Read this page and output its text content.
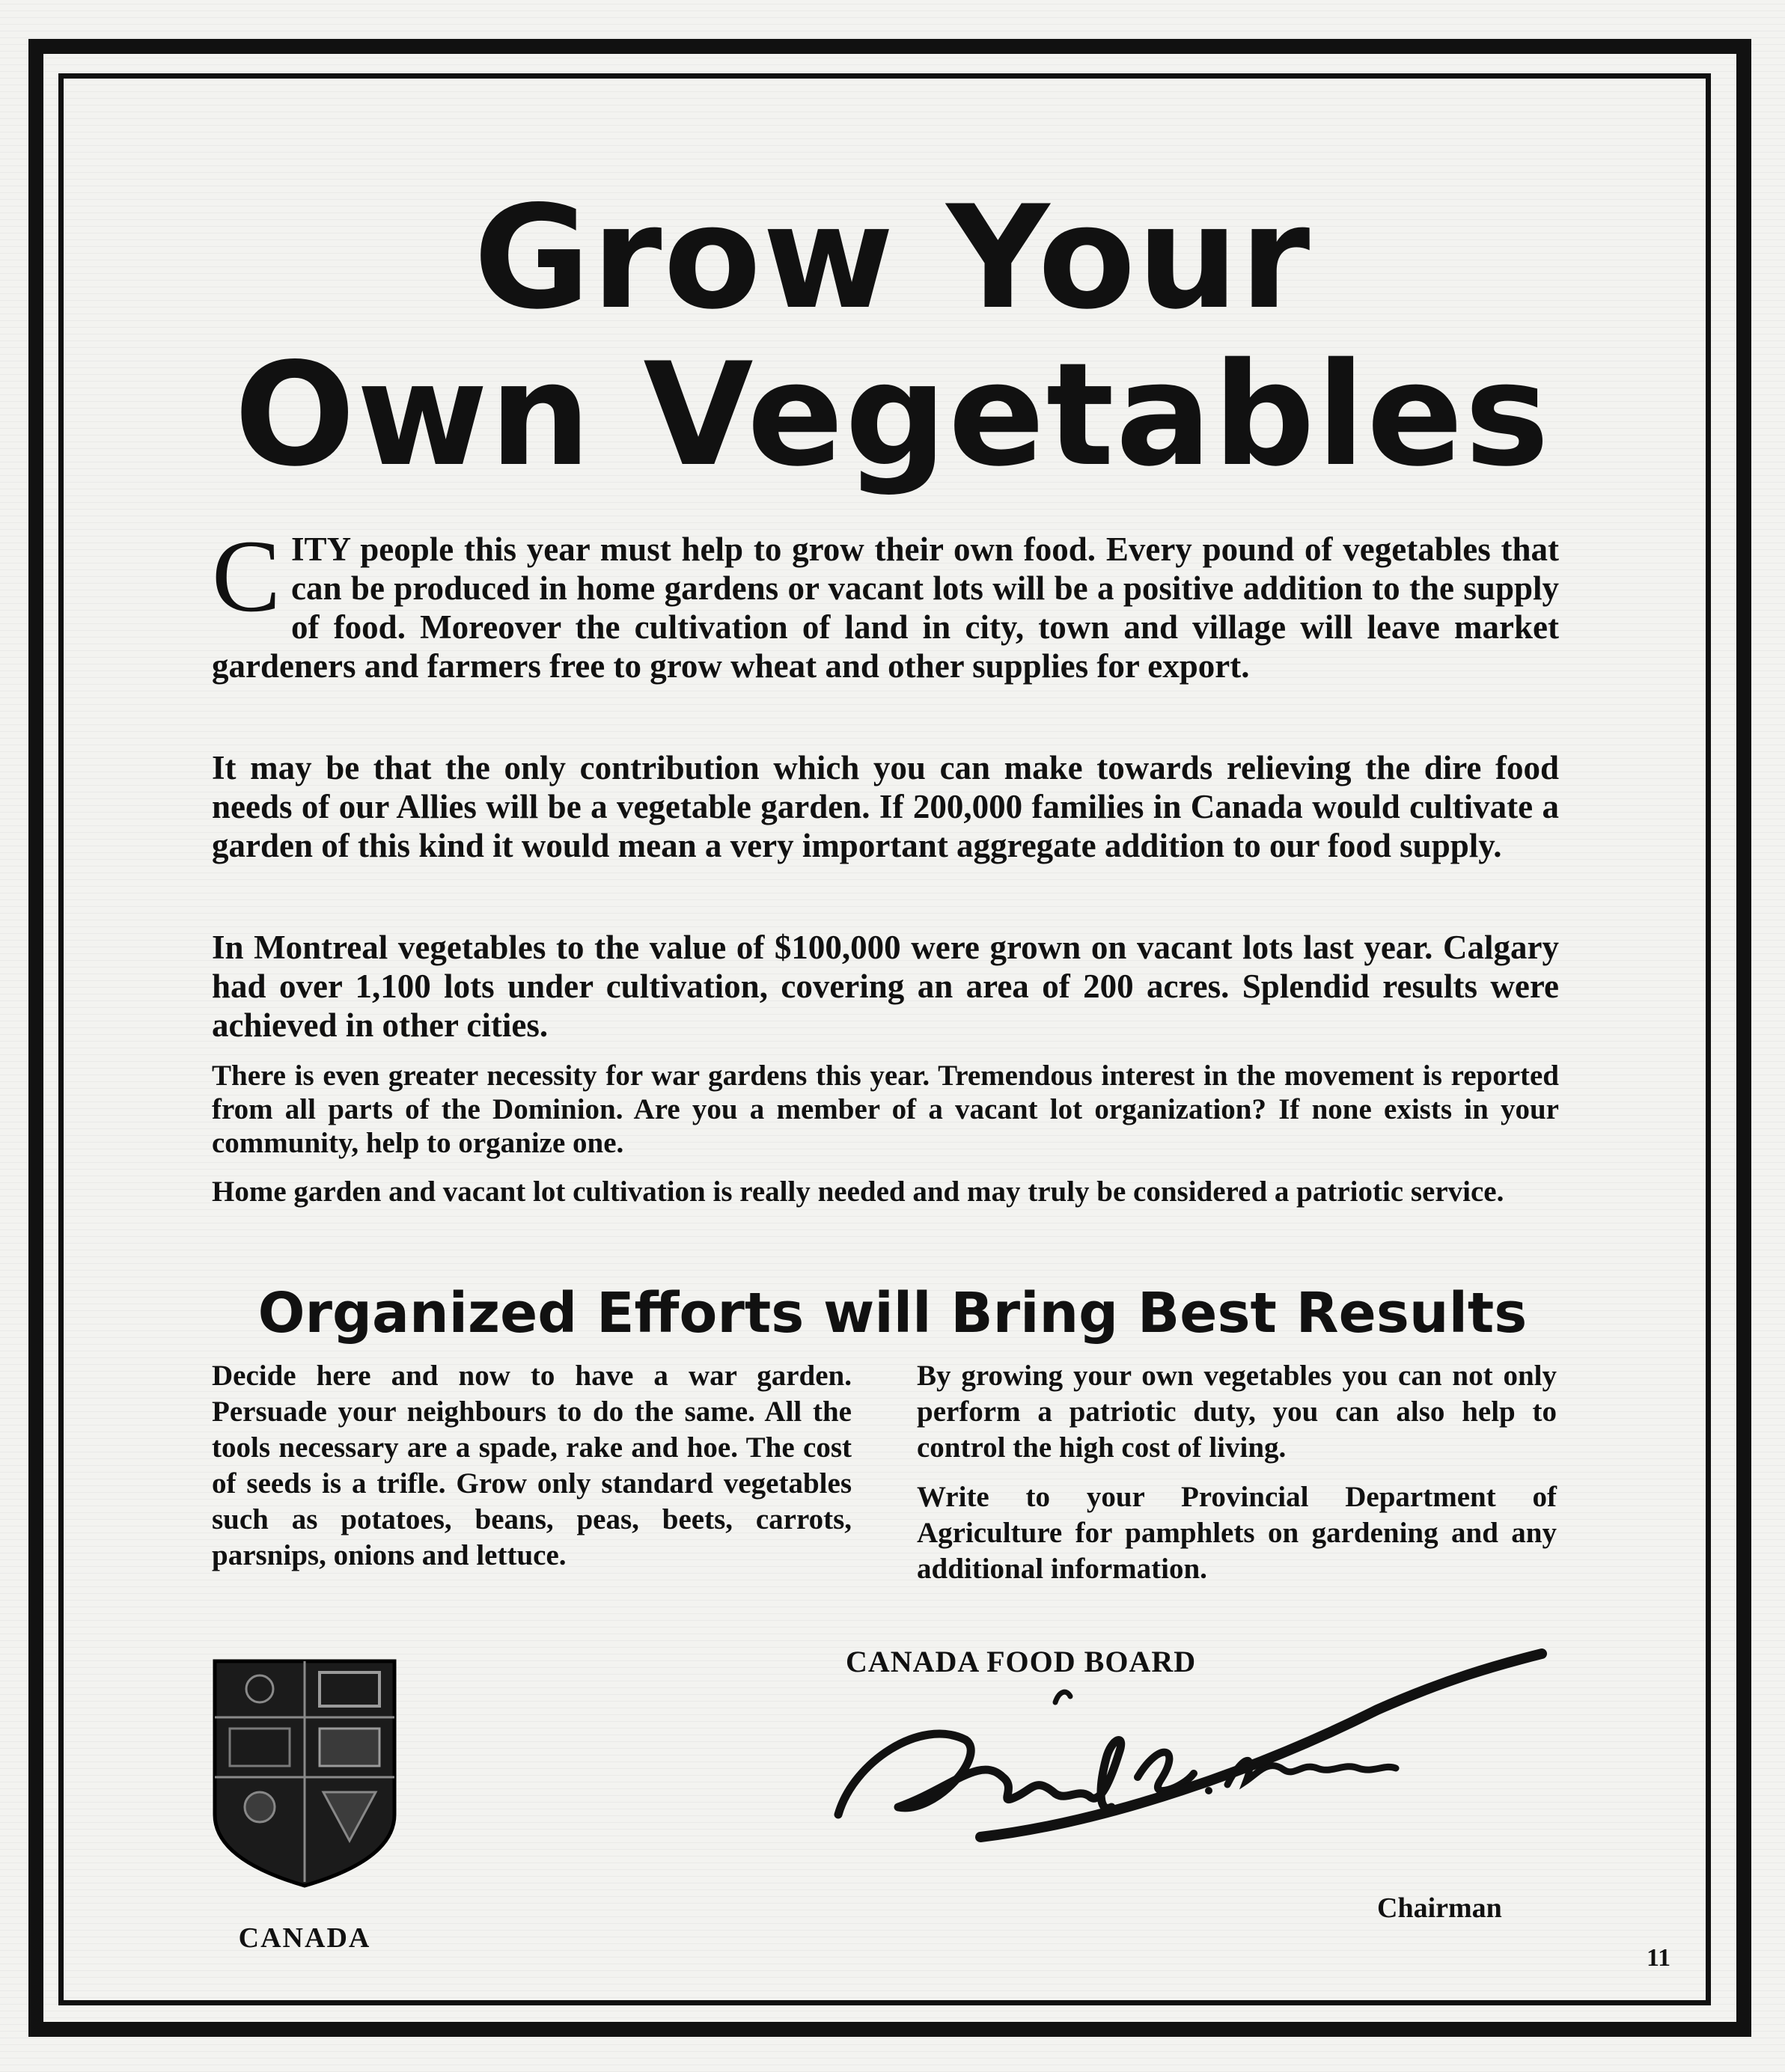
Grow Your
Own Vegetables

CITY people this year must help to grow their own food. Every pound of vegetables that can be produced in home gardens or vacant lots will be a positive addition to the supply of food. Moreover the cultivation of land in city, town and village will leave market gardeners and farmers free to grow wheat and other supplies for export.

It may be that the only contribution which you can make towards relieving the dire food needs of our Allies will be a vegetable garden. If 200,000 families in Canada would cultivate a garden of this kind it would mean a very important aggregate addition to our food supply.

In Montreal vegetables to the value of $100,000 were grown on vacant lots last year. Calgary had over 1,100 lots under cultivation, covering an area of 200 acres. Splendid results were achieved in other cities.

There is even greater necessity for war gardens this year. Tremendous interest in the movement is reported from all parts of the Dominion. Are you a member of a vacant lot organization? If none exists in your community, help to organize one.

Home garden and vacant lot cultivation is really needed and may truly be considered a patriotic service.

Organized Efforts will Bring Best Results

Decide here and now to have a war garden. Persuade your neighbours to do the same. All the tools necessary are a spade, rake and hoe. The cost of seeds is a trifle. Grow only standard vegetables such as potatoes, beans, peas, beets, carrots, parsnips, onions and lettuce.

By growing your own vegetables you can not only perform a patriotic duty, you can also help to control the high cost of living.

Write to your Provincial Department of Agriculture for pamphlets on gardening and any additional information.

CANADA

CANADA FOOD BOARD

Chairman

11
